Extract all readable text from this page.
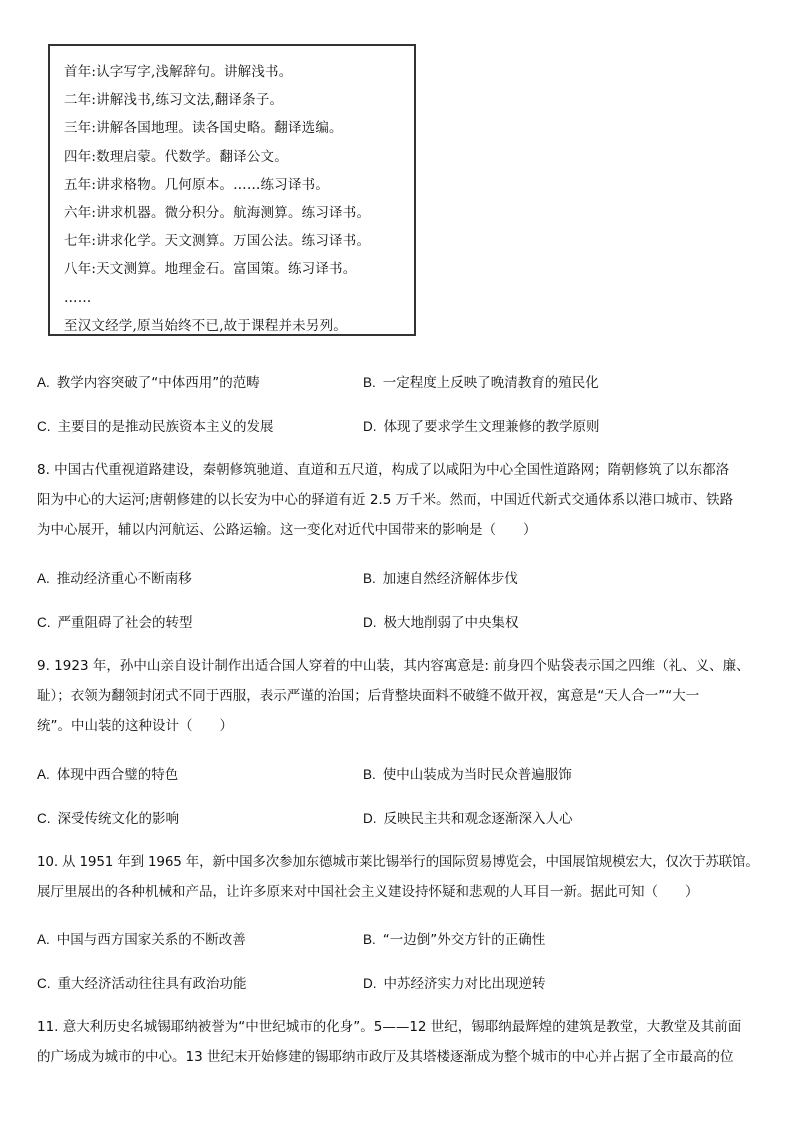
首年:认字写字,浅解辞句。讲解浅书。
二年:讲解浅书,练习文法,翻译条子。
三年:讲解各国地理。读各国史略。翻译选编。
四年:数理启蒙。代数学。翻译公文。
五年:讲求格物。几何原本。……练习译书。
六年:讲求机器。微分积分。航海测算。练习译书。
七年:讲求化学。天文测算。万国公法。练习译书。
八年:天文测算。地理金石。富国策。练习译书。
……
至汉文经学,原当始终不已,故于课程并未另列。
A. 教学内容突破了“中体西用”的范畴	B. 一定程度上反映了晚清教育的殖民化
C. 主要目的是推动民族资本主义的发展	D. 体现了要求学生文理兼修的教学原则
8. 中国古代重视道路建设，秦朝修筑驰道、直道和五尺道，构成了以咸阳为中心全国性道路网；隋朝修筑了以东都洛
阳为中心的大运河;唐朝修建的以长安为中心的驿道有近 2.5 万千米。然而，中国近代新式交通体系以港口城市、铁路
为中心展开，辅以内河航运、公路运输。这一变化对近代中国带来的影响是（　　）
A. 推动经济重心不断南移	B. 加速自然经济解体步伐
C. 严重阻碍了社会的转型	D. 极大地削弱了中央集权
9. 1923 年，孙中山亲自设计制作出适合国人穿着的中山装，其内容寓意是: 前身四个贴袋表示国之四维（礼、义、廉、
耻）；衣领为翻领封闭式不同于西服，表示严谨的治国；后背整块面料不破缝不做开衩，寓意是“天人合一”“大一
统”。中山装的这种设计（　　）
A. 体现中西合璧的特色	B. 使中山装成为当时民众普遍服饰
C. 深受传统文化的影响	D. 反映民主共和观念逐渐深入人心
10. 从 1951 年到 1965 年，新中国多次参加东德城市莱比锡举行的国际贸易博览会，中国展馆规模宏大，仅次于苏联馆。
展厅里展出的各种机械和产品，让许多原来对中国社会主义建设持怀疑和悲观的人耳目一新。据此可知（　　）
A. 中国与西方国家关系的不断改善	B. “一边倒”外交方针的正确性
C. 重大经济活动往往具有政治功能	D. 中苏经济实力对比出现逆转
11. 意大利历史名城锡耶纳被誉为“中世纪城市的化身”。5——12 世纪，锡耶纳最辉煌的建筑是教堂，大教堂及其前面
的广场成为城市的中心。13 世纪末开始修建的锡耶纳市政厅及其塔楼逐渐成为整个城市的中心并占据了全市最高的位
